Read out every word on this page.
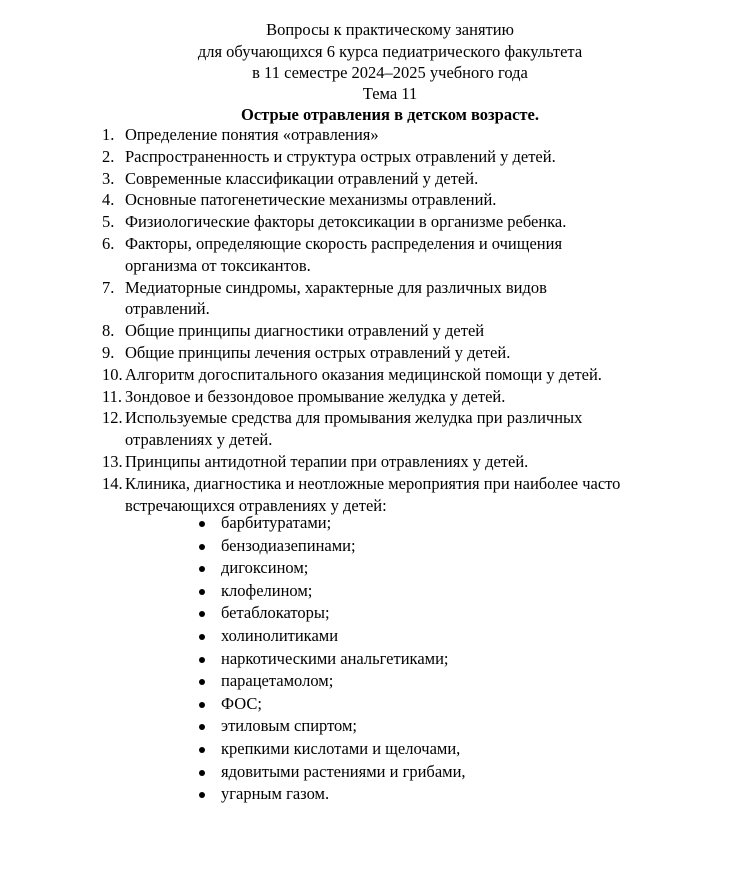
Вопросы к практическому занятию
для обучающихся 6 курса педиатрического факультета
в 11 семестре 2024–2025 учебного года
Тема 11
Острые отравления в детском возрасте.
1. Определение понятия «отравления»
2. Распространенность и структура острых отравлений у детей.
3. Современные классификации отравлений у детей.
4. Основные патогенетические механизмы отравлений.
5. Физиологические факторы детоксикации в организме ребенка.
6. Факторы, определяющие скорость распределения и очищения
организма от токсикантов.
7. Медиаторные синдромы, характерные для различных видов
отравлений.
8. Общие принципы диагностики отравлений у детей
9. Общие принципы лечения острых отравлений у детей.
10. Алгоритм догоспитального оказания медицинской помощи у детей.
11. Зондовое и беззондовое промывание желудка у детей.
12. Используемые средства для промывания желудка при различных
отравлениях у детей.
13. Принципы антидотной терапии при отравлениях у детей.
14. Клиника, диагностика и неотложные мероприятия при наиболее часто
встречающихся отравлениях у детей:
барбитуратами;
бензодиазепинами;
дигоксином;
клофелином;
бетаблокаторы;
холинолитиками
наркотическими анальгетиками;
парацетамолом;
ФОС;
этиловым спиртом;
крепкими кислотами и щелочами,
ядовитыми растениями и грибами,
угарным газом.
